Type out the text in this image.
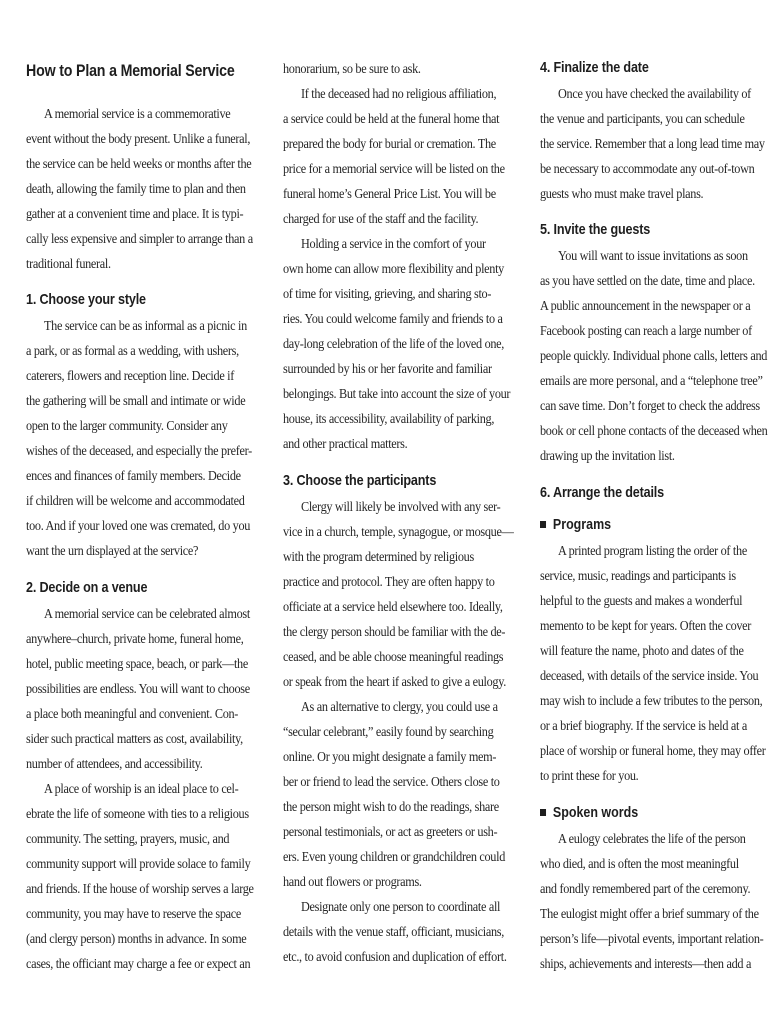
How to Plan a Memorial Service
A memorial service is a commemorative
event without the body present. Unlike a funeral,
the service can be held weeks or months after the
death, allowing the family time to plan and then
gather at a convenient time and place. It is typi-
cally less expensive and simpler to arrange than a
traditional funeral.
1. Choose your style
The service can be as informal as a picnic in
a park, or as formal as a wedding, with ushers,
caterers, flowers and reception line. Decide if
the gathering will be small and intimate or wide
open to the larger community. Consider any
wishes of the deceased, and especially the prefer-
ences and finances of family members. Decide
if children will be welcome and accommodated
too. And if your loved one was cremated, do you
want the urn displayed at the service?
2. Decide on a venue
A memorial service can be celebrated almost
anywhere–church, private home, funeral home,
hotel, public meeting space, beach, or park—the
possibilities are endless. You will want to choose
a place both meaningful and convenient. Con-
sider such practical matters as cost, availability,
number of attendees, and accessibility.
A place of worship is an ideal place to cel-
ebrate the life of someone with ties to a religious
community. The setting, prayers, music, and
community support will provide solace to family
and friends. If the house of worship serves a large
community, you may have to reserve the space
(and clergy person) months in advance. In some
cases, the officiant may charge a fee or expect an
honorarium, so be sure to ask.
If the deceased had no religious affiliation,
a service could be held at the funeral home that
prepared the body for burial or cremation. The
price for a memorial service will be listed on the
funeral home’s General Price List. You will be
charged for use of the staff and the facility.
Holding a service in the comfort of your
own home can allow more flexibility and plenty
of time for visiting, grieving, and sharing sto-
ries. You could welcome family and friends to a
day-long celebration of the life of the loved one,
surrounded by his or her favorite and familiar
belongings. But take into account the size of your
house, its accessibility, availability of parking,
and other practical matters.
3. Choose the participants
Clergy will likely be involved with any ser-
vice in a church, temple, synagogue, or mosque—
with the program determined by religious
practice and protocol. They are often happy to
officiate at a service held elsewhere too. Ideally,
the clergy person should be familiar with the de-
ceased, and be able choose meaningful readings
or speak from the heart if asked to give a eulogy.
As an alternative to clergy, you could use a
“secular celebrant,” easily found by searching
online. Or you might designate a family mem-
ber or friend to lead the service. Others close to
the person might wish to do the readings, share
personal testimonials, or act as greeters or ush-
ers. Even young children or grandchildren could
hand out flowers or programs.
Designate only one person to coordinate all
details with the venue staff, officiant, musicians,
etc., to avoid confusion and duplication of effort.
4. Finalize the date
Once you have checked the availability of
the venue and participants, you can schedule
the service. Remember that a long lead time may
be necessary to accommodate any out-of-town
guests who must make travel plans.
5. Invite the guests
You will want to issue invitations as soon
as you have settled on the date, time and place.
A public announcement in the newspaper or a
Facebook posting can reach a large number of
people quickly. Individual phone calls, letters and
emails are more personal, and a “telephone tree”
can save time. Don’t forget to check the address
book or cell phone contacts of the deceased when
drawing up the invitation list.
6. Arrange the details
Programs
A printed program listing the order of the
service, music, readings and participants is
helpful to the guests and makes a wonderful
memento to be kept for years. Often the cover
will feature the name, photo and dates of the
deceased, with details of the service inside. You
may wish to include a few tributes to the person,
or a brief biography. If the service is held at a
place of worship or funeral home, they may offer
to print these for you.
Spoken words
A eulogy celebrates the life of the person
who died, and is often the most meaningful
and fondly remembered part of the ceremony.
The eulogist might offer a brief summary of the
person’s life—pivotal events, important relation-
ships, achievements and interests—then add a
